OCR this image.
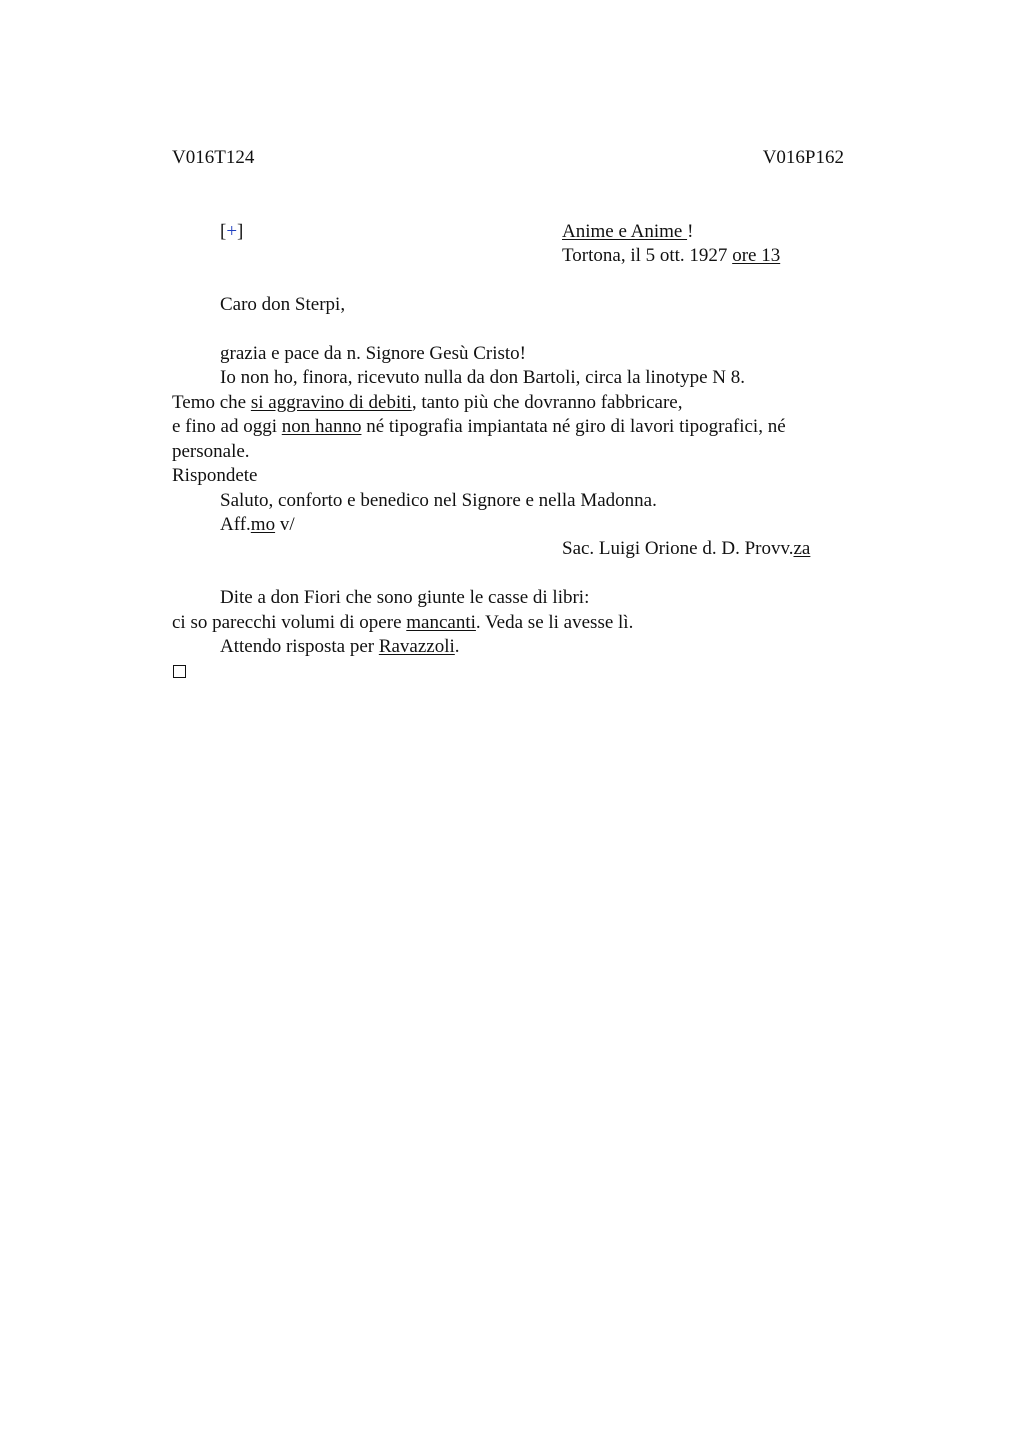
V016T124	V016P162
[+]	Anime e Anime !
Tortona, il 5 ott. 1927 ore 13
Caro don Sterpi,
grazia e pace da n. Signore Gesù Cristo!
Io non ho, finora, ricevuto nulla da don Bartoli, circa la linotype N 8.
Temo che si aggravino di debiti, tanto più che dovranno fabbricare,
e fino ad oggi non hanno né tipografia impiantata né giro di lavori tipografici, né
personale.
Rispondete
Saluto, conforto e benedico nel Signore e nella Madonna.
Aff.mo v/
Sac. Luigi Orione d. D. Provv.za
Dite a don Fiori che sono giunte le casse di libri:
ci so parecchi volumi di opere mancanti. Veda se li avesse lì.
Attendo risposta per Ravazzoli.
